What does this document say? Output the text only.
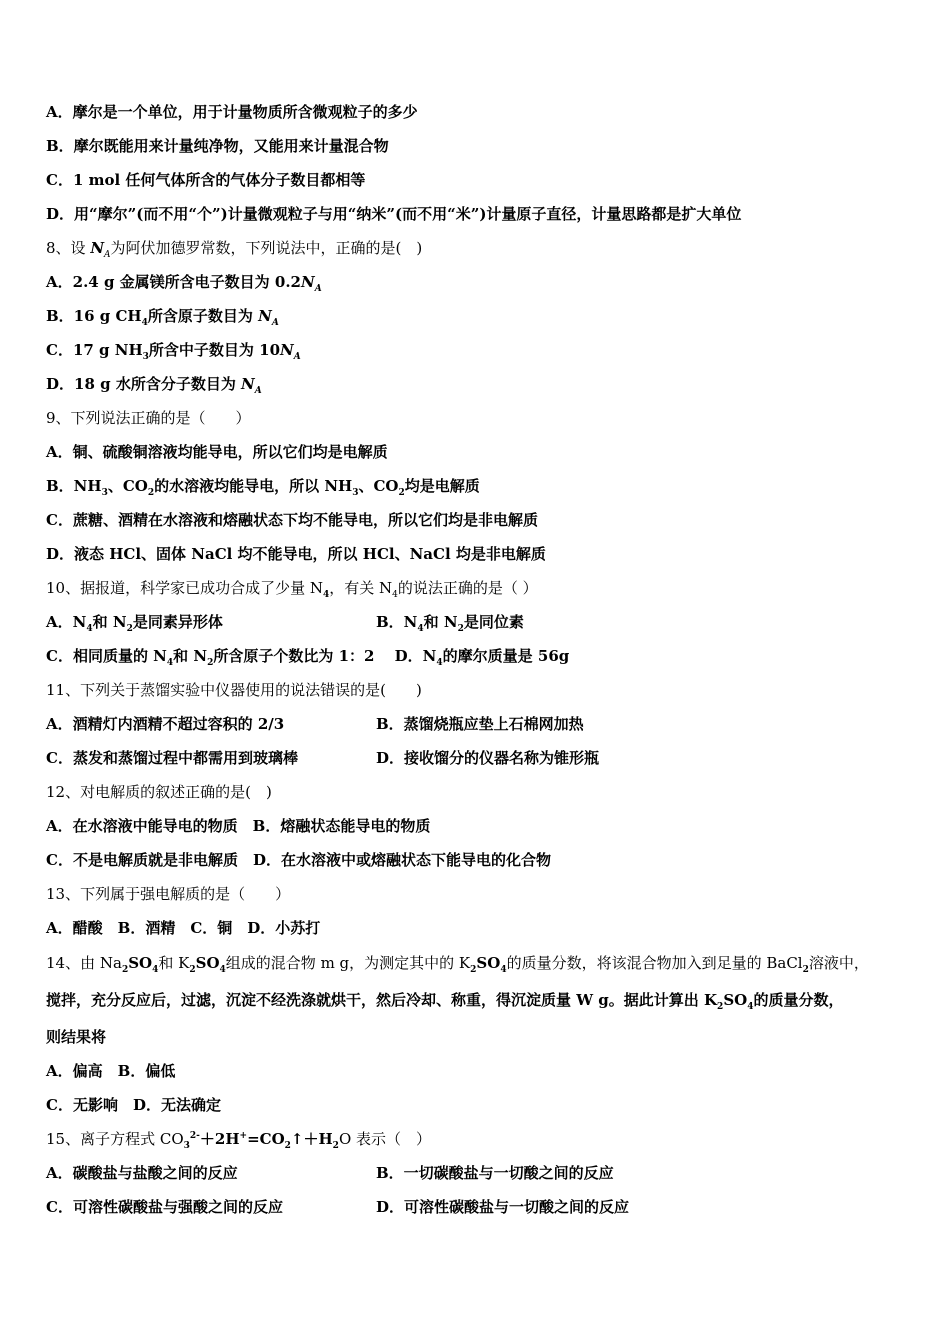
A．摩尔是一个单位，用于计量物质所含微观粒子的多少
B．摩尔既能用来计量纯净物，又能用来计量混合物
C．1 mol 任何气体所含的气体分子数目都相等
D．用“摩尔”(而不用“个”)计量微观粒子与用“纳米”(而不用“米”)计量原子直径，计量思路都是扩大单位
8、设 $N_A$为阿伏加德罗常数，下列说法中，正确的是(　)
A．2.4 g 金属镁所含电子数目为 $0.2N_A$
B．16 g $CH_4$所含原子数目为 $N_A$
C．17 g $NH_3$所含中子数目为 $10N_A$
D．18 g 水所含分子数目为 $N_A$
9、下列说法正确的是（　　）
A．铜、硫酸铜溶液均能导电，所以它们均是电解质
B．$NH_3$、$CO_2$的水溶液均能导电，所以 $NH_3$、$CO_2$均是电解质
C．蔗糖、酒精在水溶液和熔融状态下均不能导电，所以它们均是非电解质
D．液态 HCl、固体 NaCl 均不能导电，所以 HCl、NaCl 均是非电解质
10、据报道，科学家已成功合成了少量 $N_4$，有关 $N_4$的说法正确的是（ ）
A．$N_4$和 $N_2$是同素异形体	B．$N_4$和 $N_2$是同位素
C．相同质量的 $N_4$和 $N_2$所含原子个数比为 1：2　 D．$N_4$的摩尔质量是 56g
11、下列关于蒸馏实验中仪器使用的说法错误的是(　　)
A．酒精灯内酒精不超过容积的 2/3	B．蒸馏烧瓶应垫上石棉网加热
C．蒸发和蒸馏过程中都需用到玻璃棒	D．接收馏分的仪器名称为锥形瓶
12、对电解质的叙述正确的是(　)
A．在水溶液中能导电的物质　B．熔融状态能导电的物质
C．不是电解质就是非电解质　D．在水溶液中或熔融状态下能导电的化合物
13、下列属于强电解质的是（　　）
A．醋酸　B．酒精　C．铜　D．小苏打
14、由 $Na_2SO_4$和 $K_2SO_4$组成的混合物 m g，为测定其中的 $K_2SO_4$的质量分数，将该混合物加入到足量的 BaCl$_2$溶液中，
搅拌，充分反应后，过滤，沉淀不经洗涤就烘干，然后冷却、称重，得沉淀质量 W g。据此计算出 $K_2SO_4$的质量分数，
则结果将
A．偏高　B．偏低
C．无影响　D．无法确定
15、离子方程式 $CO_3^{2-}+2H^+=CO_2↑+H_2O$ 表示（　）
A．碳酸盐与盐酸之间的反应	B．一切碳酸盐与一切酸之间的反应
C．可溶性碳酸盐与强酸之间的反应	D．可溶性碳酸盐与一切酸之间的反应
